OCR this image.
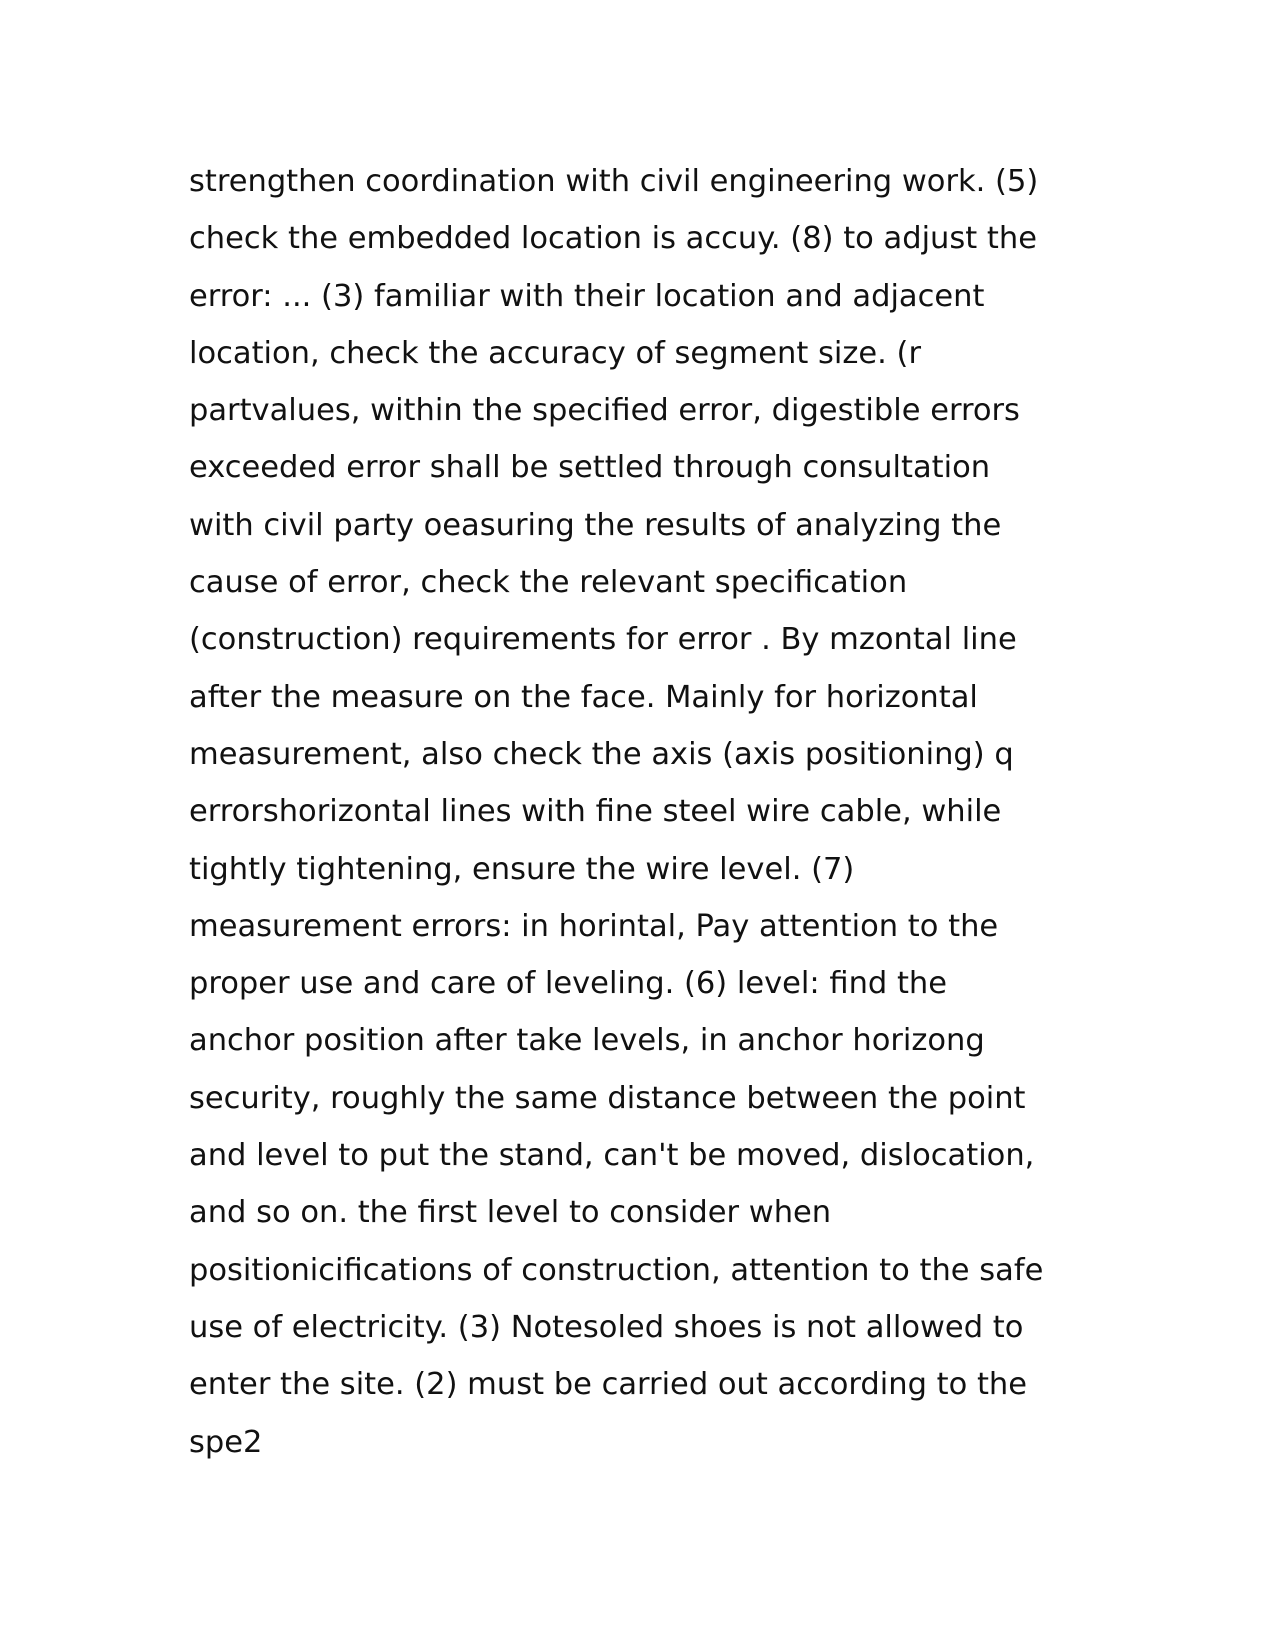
strengthen coordination with civil engineering work. (5)
check the embedded location is accuy. (8) to adjust the
error: ... (3) familiar with their location and adjacent
location, check the accuracy of segment size. (r
partvalues, within the specified error, digestible errors
exceeded error shall be settled through consultation
with civil party oeasuring the results of analyzing the
cause of error, check the relevant specification
(construction) requirements for error . By mzontal line
after the measure on the face. Mainly for horizontal
measurement, also check the axis (axis positioning) q
errorshorizontal lines with fine steel wire cable, while
tightly tightening, ensure the wire level. (7)
measurement errors: in horintal, Pay attention to the
proper use and care of leveling. (6) level: find the
anchor position after take levels, in anchor horizong
security, roughly the same distance between the point
and level to put the stand, can't be moved, dislocation,
and so on. the first level to consider when
positionicifications of construction, attention to the safe
use of electricity. (3) Notesoled shoes is not allowed to
enter the site. (2) must be carried out according to the
spe2
